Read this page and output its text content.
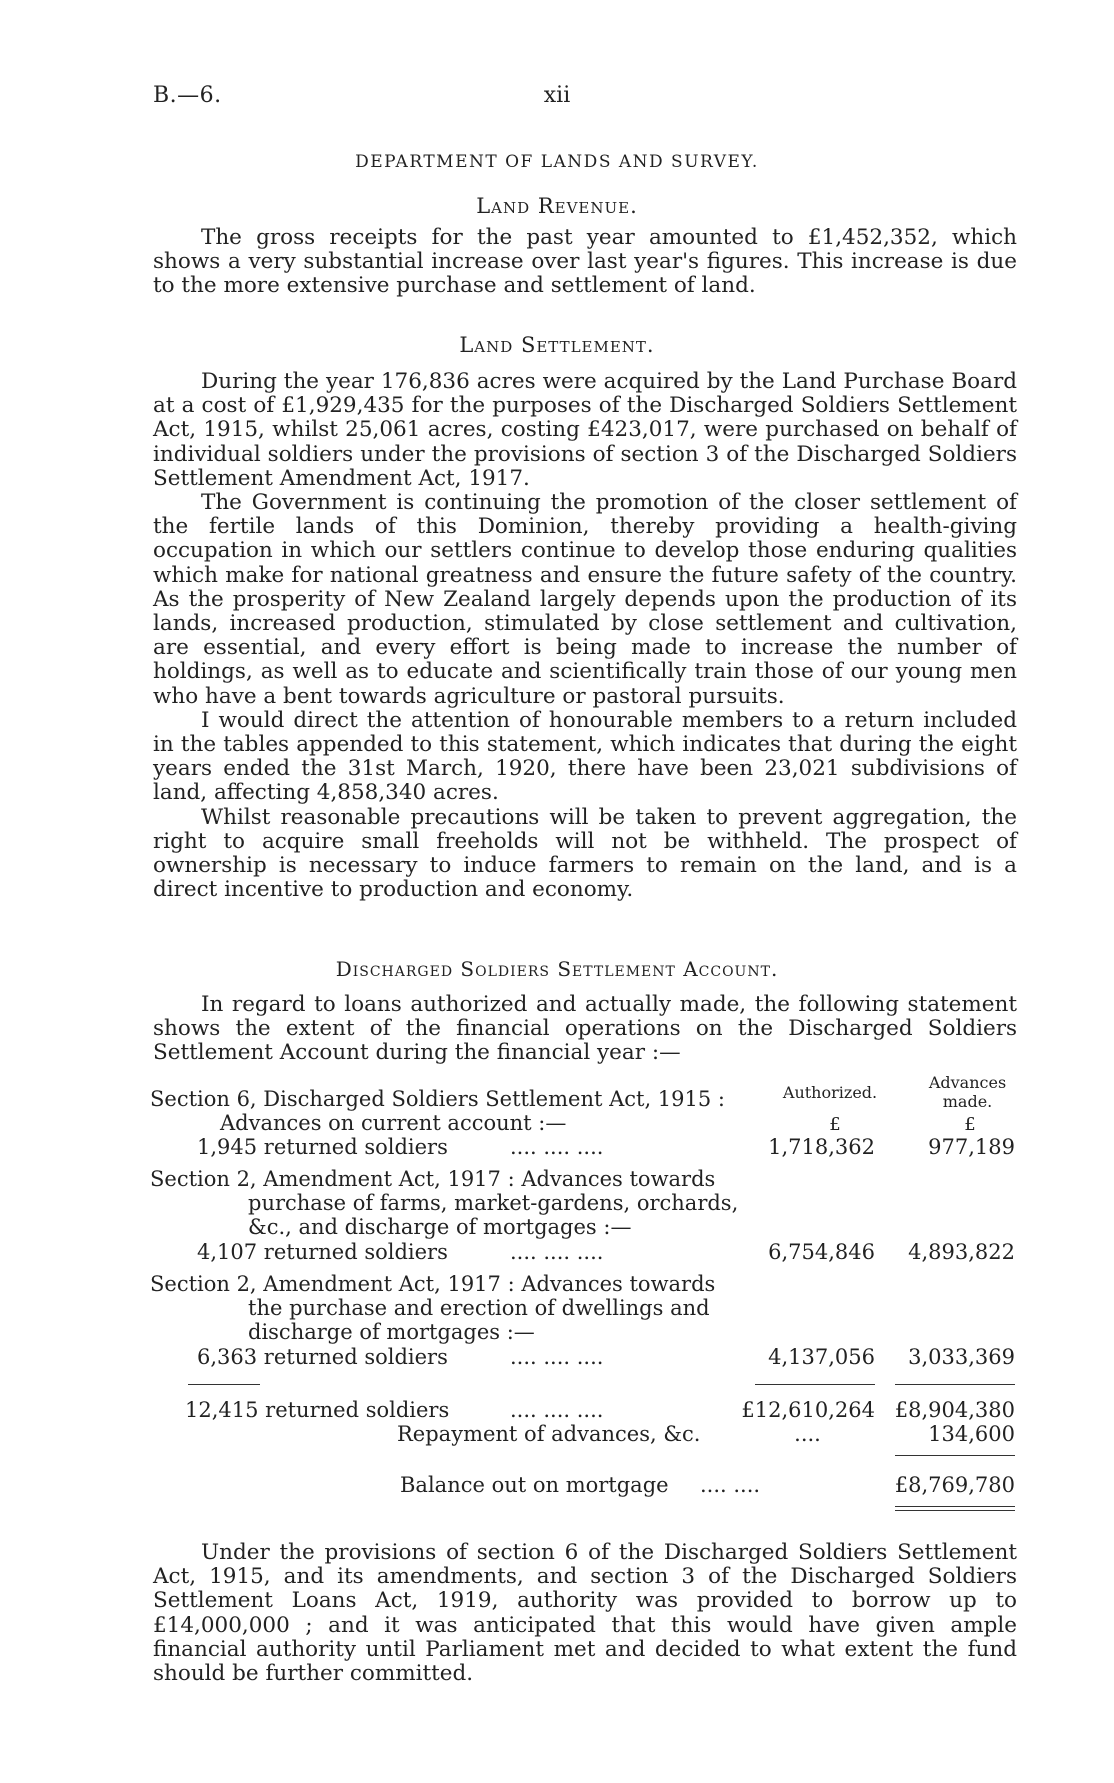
B.—6.	xii
DEPARTMENT OF LANDS AND SURVEY.
Land Revenue.

The gross receipts for the past year amounted to £1,452,352, which shows a very substantial increase over last year's figures. This increase is due to the more extensive purchase and settlement of land.

Land Settlement.

During the year 176,836 acres were acquired by the Land Purchase Board at a cost of £1,929,435 for the purposes of the Discharged Soldiers Settlement Act, 1915, whilst 25,061 acres, costing £423,017, were purchased on behalf of individual soldiers under the provisions of section 3 of the Discharged Soldiers Settlement Amendment Act, 1917.

The Government is continuing the promotion of the closer settlement of the fertile lands of this Dominion, thereby providing a health-giving occupation in which our settlers continue to develop those enduring qualities which make for national greatness and ensure the future safety of the country. As the prosperity of New Zealand largely depends upon the production of its lands, increased production, stimulated by close settlement and cultivation, are essential, and every effort is being made to increase the number of holdings, as well as to educate and scientifically train those of our young men who have a bent towards agriculture or pastoral pursuits.

I would direct the attention of honourable members to a return included in the tables appended to this statement, which indicates that during the eight years ended the 31st March, 1920, there have been 23,021 subdivisions of land, affecting 4,858,340 acres.

Whilst reasonable precautions will be taken to prevent aggregation, the right to acquire small freeholds will not be withheld. The prospect of ownership is necessary to induce farmers to remain on the land, and is a direct incentive to production and economy.

Discharged Soldiers Settlement Account.

In regard to loans authorized and actually made, the following statement shows the extent of the financial operations on the Discharged Soldiers Settlement Account during the financial year :—

Authorized.
Advances
made.
Section 6, Discharged Soldiers Settlement Act, 1915 :
Advances on current account :—	£	£
1,945 returned soldiers	.... .... ....	1,718,362	977,189
Section 2, Amendment Act, 1917 : Advances towards
purchase of farms, market-gardens, orchards,
&c., and discharge of mortgages :—
4,107 returned soldiers	.... .... ....	6,754,846	4,893,822
Section 2, Amendment Act, 1917 : Advances towards
the purchase and erection of dwellings and
discharge of mortgages :—
6,363 returned soldiers	.... .... ....	4,137,056	3,033,369
12,415 returned soldiers	.... .... ....	£12,610,264 £8,904,380
Repayment of advances, &c.	....	134,600
Balance out on mortgage .... ....	£8,769,780

Under the provisions of section 6 of the Discharged Soldiers Settlement Act, 1915, and its amendments, and section 3 of the Discharged Soldiers Settlement Loans Act, 1919, authority was provided to borrow up to £14,000,000 ; and it was anticipated that this would have given ample financial authority until Parliament met and decided to what extent the fund should be further committed.
